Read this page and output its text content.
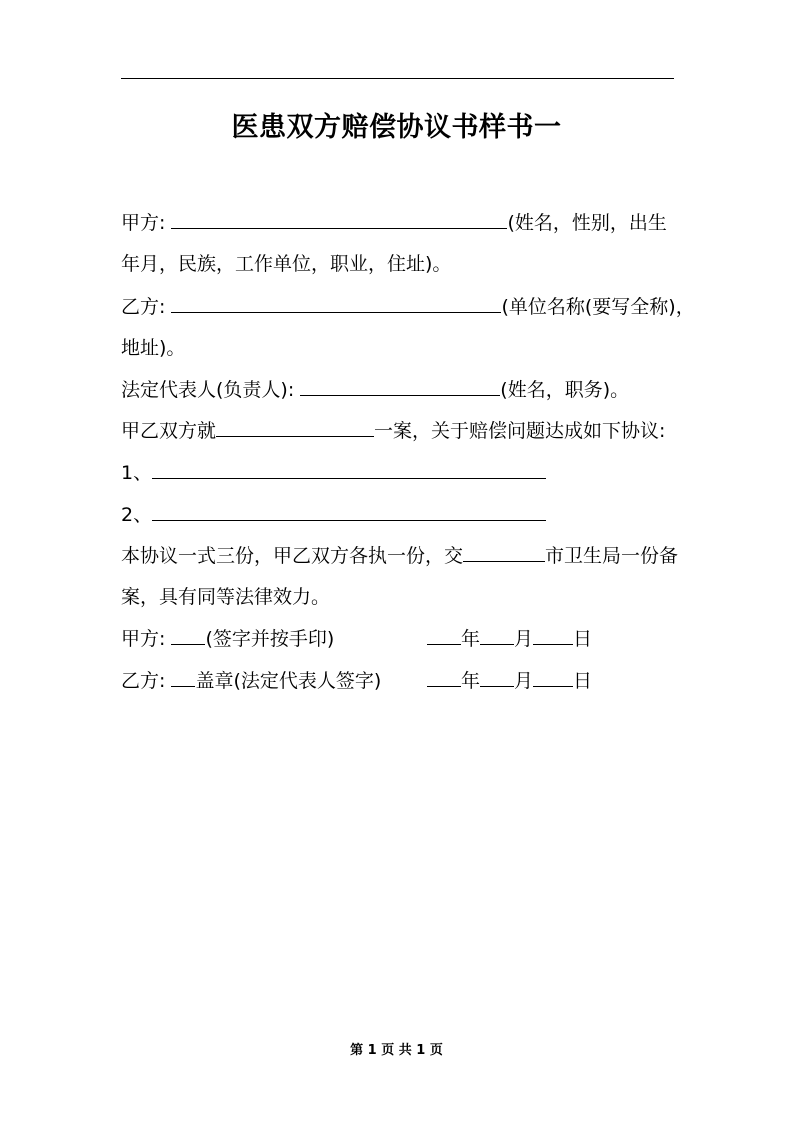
医患双方赔偿协议书样书一
甲方:	(姓名，性别，出生
年月，民族，工作单位，职业，住址)。
乙方:	(单位名称(要写全称)，
地址)。
法定代表人(负责人):	(姓名，职务)。
甲乙双方就	一案，关于赔偿问题达成如下协议:
1、
2、
本协议一式三份，甲乙双方各执一份，交	市卫生局一份备
案，具有同等法律效力。
甲方: (签字并按手印)	年 月 日
乙方: 盖章(法定代表人签字)	年 月 日
第 1 页 共 1 页
